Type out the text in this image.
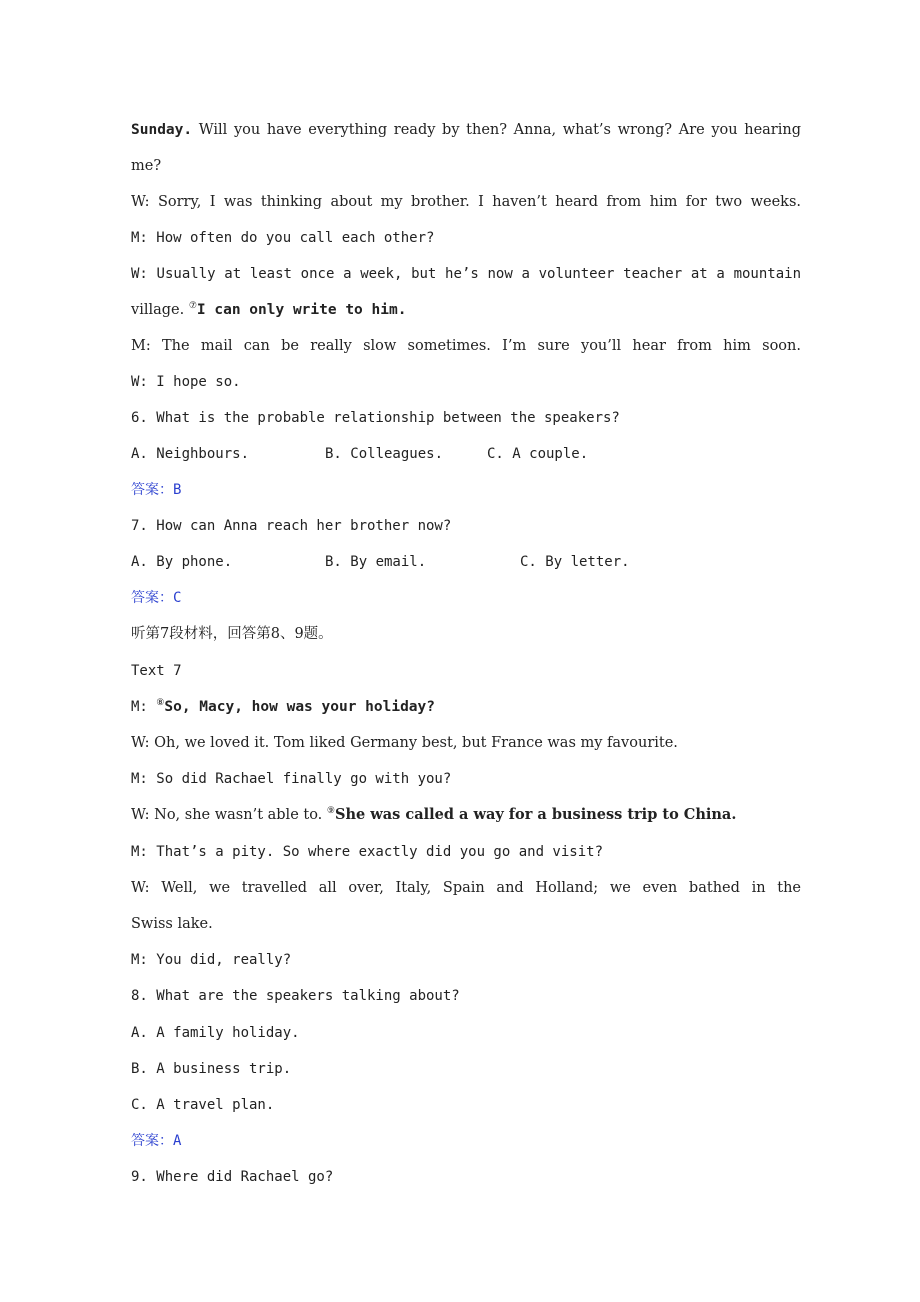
Sunday. Will you have everything ready by then? Anna, what’s wrong? Are you hearing
me?
W: Sorry, I was thinking about my brother. I haven’t heard from him for two weeks.
M: How often do you call each other?
W: Usually at least once a week, but he’s now a volunteer teacher at a mountain
village. ⑦I can only write to him.
M: The mail can be really slow sometimes. I’m sure you’ll hear from him soon.
W: I hope so.
6. What is the probable relationship between the speakers?
A. Neighbours.	B. Colleagues.	C. A couple.
答案：B
7. How can Anna reach her brother now?
A. By phone.	B. By email.	C. By letter.
答案：C
听第7段材料，回答第8、9题。
Text 7
M: ⑧So, Macy, how was your holiday?
W: Oh, we loved it. Tom liked Germany best, but France was my favourite.
M: So did Rachael finally go with you?
W: No, she wasn’t able to. ⑨She was called a way for a business trip to China.
M: That’s a pity. So where exactly did you go and visit?
W: Well, we travelled all over, Italy, Spain and Holland; we even bathed in the
Swiss lake.
M: You did, really?
8. What are the speakers talking about?
A. A family holiday.
B. A business trip.
C. A travel plan.
答案：A
9. Where did Rachael go?
